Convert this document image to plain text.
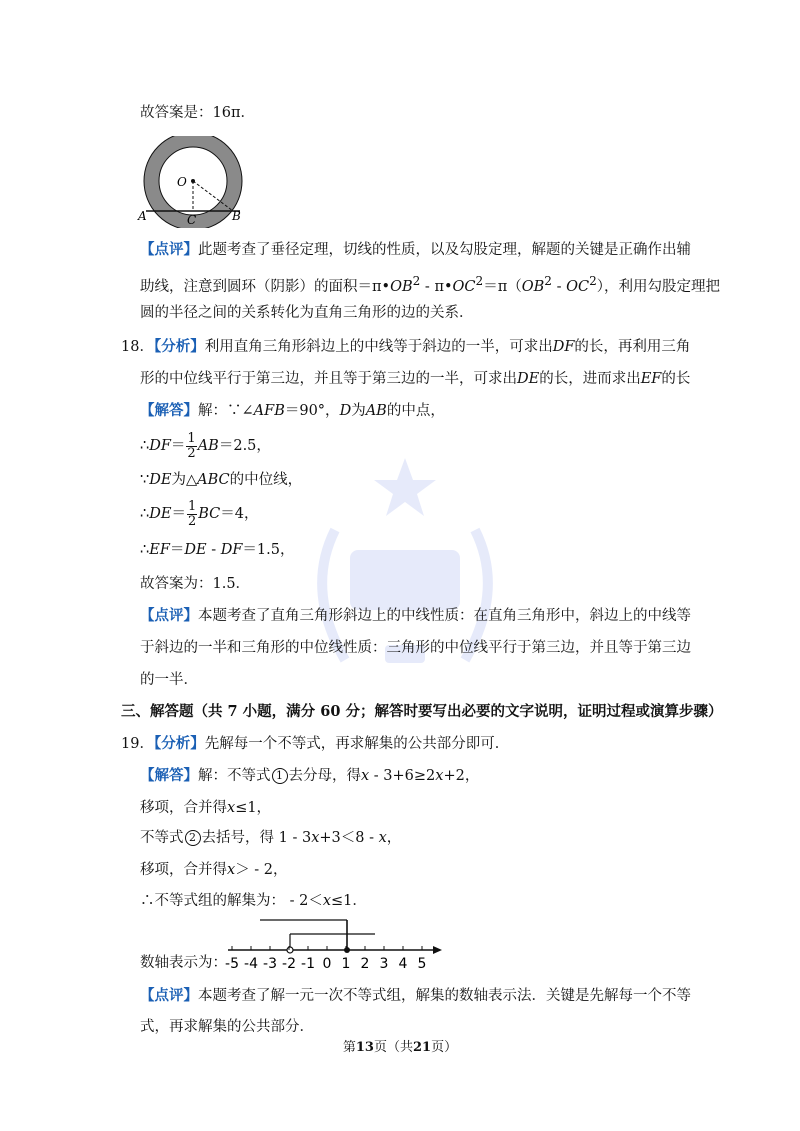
故答案是：16π．
O
A	C	B
【点评】此题考查了垂径定理，切线的性质，以及勾股定理，解题的关键是正确作出辅
助线，注意到圆环（阴影）的面积$=\pi•OB^2$ - $\pi•OC^2=\pi(OB^2 - OC^2)$，利用勾股定理把
圆的半径之间的关系转化为直角三角形的边的关系．
18．【分析】利用直角三角形斜边上的中线等于斜边的一半，可求出DF的长，再利用三角
形的中位线平行于第三边，并且等于第三边的一半，可求出DE的长，进而求出EF的长
【解答】解：∵∠AFB＝90°，D为AB的中点，
∴DF＝ $\frac{1}{2} AB=2.5$，
∵DE为△ABC的中位线，
∴DE＝ $\frac{1}{2} BC=4$，
∴EF＝DE - DF＝1.5，
故答案为：1.5．
【点评】本题考查了直角三角形斜边上的中线性质：在直角三角形中，斜边上的中线等
于斜边的一半和三角形的中位线性质：三角形的中位线平行于第三边，并且等于第三边
的一半．
三、解答题（共 7 小题，满分 60 分；解答时要写出必要的文字说明，证明过程或演算步骤）
19．【分析】先解每一个不等式，再求解集的公共部分即可．
【解答】解：不等式 1 去分母，得x - 3+6≥2x+2，
移项，合并得x≤1，
不等式 2 去括号，得 1 - 3x+3＜8 - x，
移项，合并得x＞ - 2，
∴不等式组的解集为： - 2＜x≤1．
数轴表示为：
-5 -4 -3 -2 -1 0 1 2 3 4 5
【点评】本题考查了解一元一次不等式组，解集的数轴表示法．关键是先解每一个不等
式，再求解集的公共部分．
第13页（共21页）
